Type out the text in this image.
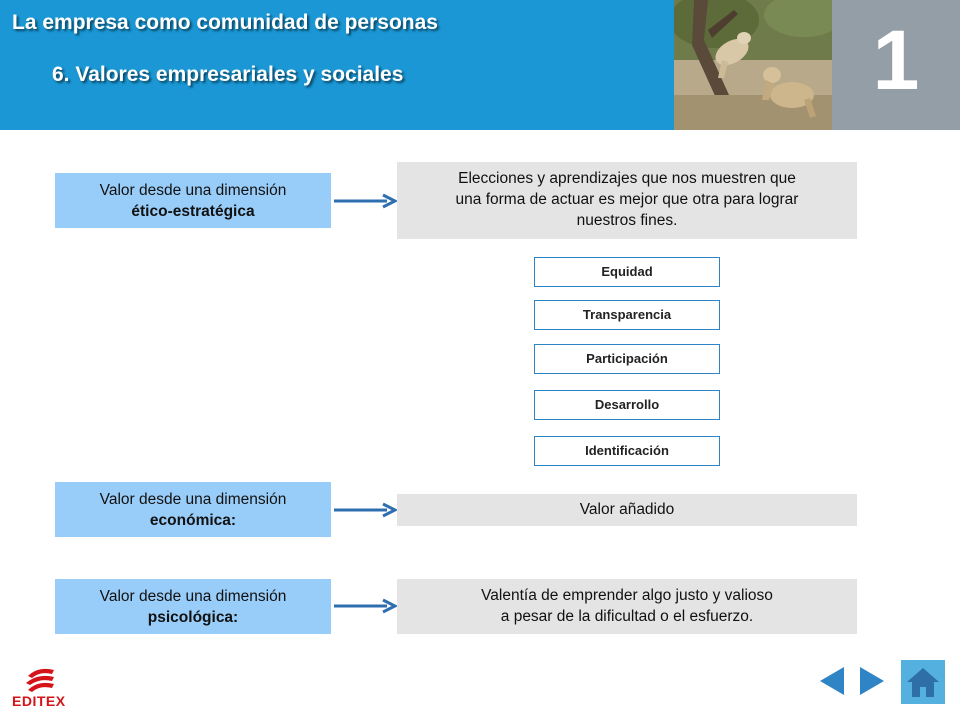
La empresa como comunidad de personas
6. Valores empresariales y sociales	1
Valor desde una dimensión
ético-estratégica
Elecciones y aprendizajes que nos muestren que
una forma de actuar es mejor que otra para lograr
nuestros fines.
Equidad
Transparencia
Participación
Desarrollo
Identificación
Valor desde una dimensión
económica:
Valor añadido
Valor desde una dimensión
psicológica:
Valentía de emprender algo justo y valioso
a pesar de la dificultad o el esfuerzo.
EDITEX
